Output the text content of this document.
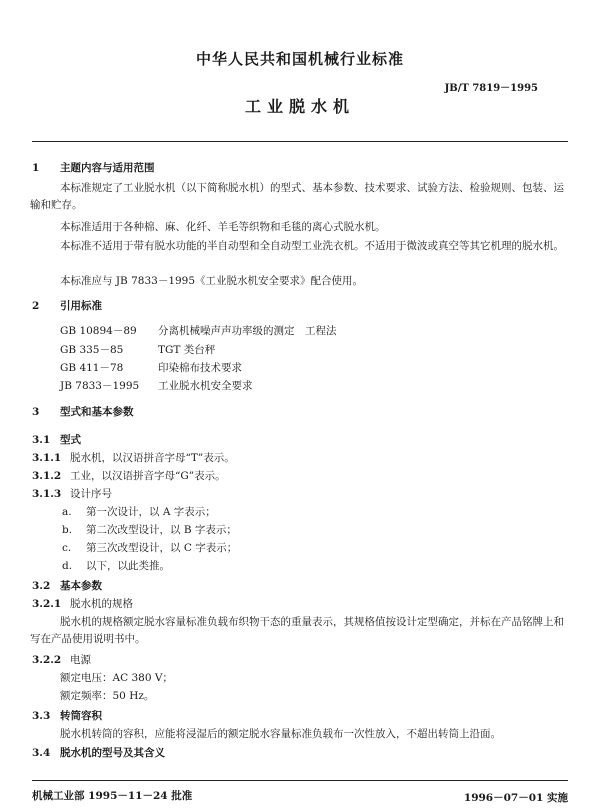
中华人民共和国机械行业标准
JB/T 7819－1995
工业脱水机
1 主题内容与适用范围
本标准规定了工业脱水机（以下简称脱水机）的型式、基本参数、技术要求、试验方法、检验规则、包装、运输和贮存。
本标准适用于各种棉、麻、化纤、羊毛等织物和毛毯的离心式脱水机。
本标准不适用于带有脱水功能的半自动型和全自动型工业洗衣机。不适用于微波或真空等其它机理的脱水机。
本标准应与 JB 7833－1995《工业脱水机安全要求》配合使用。
2 引用标准
GB 10894－89 分离机械噪声声功率级的测定　工程法
GB 335－85	TGT 类台秤
GB 411－78	印染棉布技术要求
JB 7833－1995 工业脱水机安全要求
3 型式和基本参数
3.1 型式
3.1.1 脱水机，以汉语拼音字母“T”表示。
3.1.2 工业，以汉语拼音字母“G”表示。
3.1.3 设计序号
a. 第一次设计，以 A 字表示；
b. 第二次改型设计，以 B 字表示；
c. 第三次改型设计，以 C 字表示；
d. 以下，以此类推。
3.2 基本参数
3.2.1 脱水机的规格
脱水机的规格额定脱水容量标准负载布织物干态的重量表示，其规格值按设计定型确定，并标在产品铭牌上和写在产品使用说明书中。
3.2.2 电源
额定电压：AC 380 V；
额定频率：50 Hz。
3.3 转筒容积
脱水机转筒的容积，应能将浸湿后的额定脱水容量标准负载布一次性放入，不超出转筒上沿面。
3.4 脱水机的型号及其含义
机械工业部 1995－11－24 批准	1996－07－01 实施
